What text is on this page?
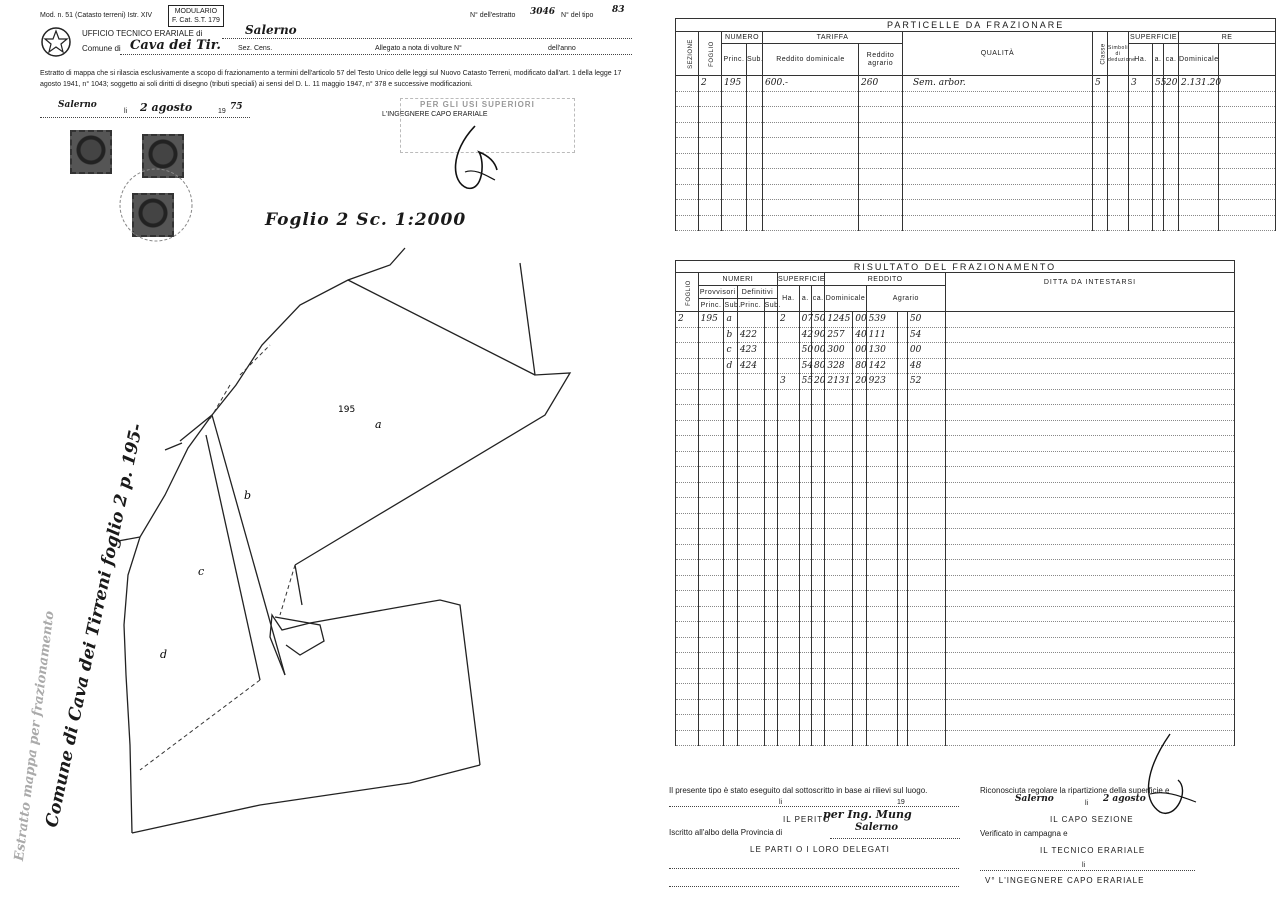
Mod. n. 51 (Catasto terreni) Istr. XIV
MODULARIO
F. Cat. S.T. 179
N° dell'estratto 3046 N° del tipo
83
UFFICIO TECNICO ERARIALE di	Salerno
Comune di Cava dei Tir. Sez. Cens.	Allegato a nota di volture N°	dell'anno
Estratto di mappa che si rilascia esclusivamente a scopo di frazionamento a termini dell'articolo 57 del Testo Unico delle leggi sul Nuovo Catasto Terreni, modificato dall'art. 1 della legge 17 agosto 1941, n° 1043; soggetto ai soli diritti di disegno (tributi speciali) ai sensi del D. L. 11 maggio 1947, n° 378 e successive modificazioni.
Salerno
li 2 agosto	19 75
L'INGEGNERE CAPO ERARIALE
PER GLI USI SUPERIORI
Foglio 2 Sc. 1:2000
Comune di Cava dei Tirreni foglio 2 p. 195-
Estratto mappa per frazionamento
195
a
b
c
d
PARTICELLE DA FRAZIONARE													
SEZIONE	FOGLIO	NUMERO		TARIFFA		QUALITÀ	Classe	Simboli di deduzione	SUPERFICIE			RE	
		Princ.	Sub.	Reddito dominicale	Reddito agrario				Ha.	a.	ca.	Dominicale	
	2	195		600.-	260	Sem. arbor.	5		3	55	20	2.131.20	

RISULTATO DEL FRAZIONAMENTO													
FOGLIO	NUMERI				SUPERFICIE			REDDITO					DITTA DA INTESTARSI
	Provvisori		Definitivi		Ha.	a.	ca.	Dominicale		Agrario			
	Princ.	Sub.	Princ.	Sub.									
2	195	a			2	07	50	1245	00	539		50	
		b	422			42	90	257	40	111		54	
		c	423			50	00	300	00	130		00	
		d	424			54	80	328	80	142		48	
					3	55	20	2131	20	923		52	

Il presente tipo è stato eseguito dal sottoscritto in base ai rilievi sul luogo.
li	19
IL PERITO
per Ing. Mung
Iscritto all'albo della Provincia di	Salerno
LE PARTI O I LORO DELEGATI
Riconosciuta regolare la ripartizione della superficie e
Salerno	li 2 agosto
IL CAPO SEZIONE
Verificato in campagna e
IL TECNICO ERARIALE
li
V° L'INGEGNERE CAPO ERARIALE
